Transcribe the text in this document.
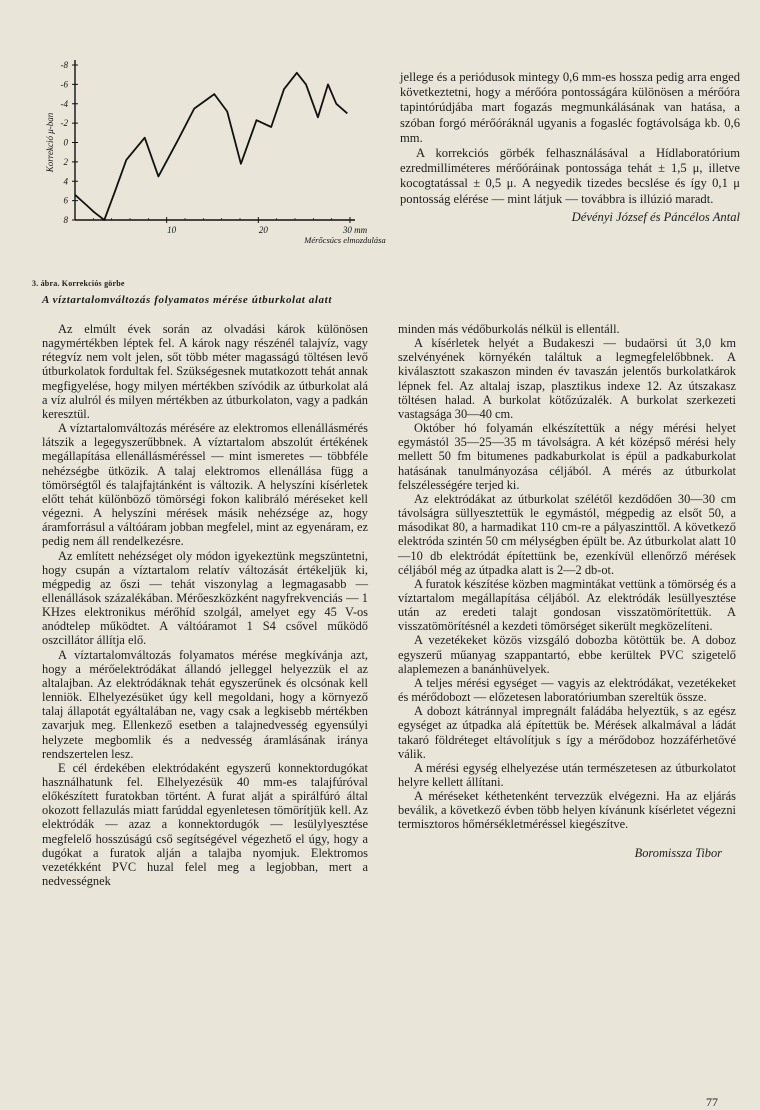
-8
-6
-4
-2
0
2
4
6
8
10	20	30 mm
Korrekció μ-ban
Mérőcsúcs elmozdulása
3. ábra. Korrekciós görbe

jellege és a periódusok mintegy 0,6 mm-es hossza pedig arra enged következtetni, hogy a mérőóra pontosságára különösen a mérőóra tapintórúdjába mart fogazás megmunkálásának van hatása, a szóban forgó mérőóráknál ugyanis a fogasléc fogtávolsága kb. 0,6 mm.

A korrekciós görbék felhasználásával a Hídlaboratórium ezredmilliméteres mérőóráinak pontossága tehát ± 1,5 μ, illetve kocogtatással ± 0,5 μ. A negyedik tizedes becslése és így 0,1 μ pontosság elérése — mint látjuk — továbbra is illúzió maradt.

Dévényi József és Páncélos Antal

A víztartalomváltozás folyamatos mérése útburkolat alatt

Az elmúlt évek során az olvadási károk különösen nagymértékben léptek fel. A károk nagy részénél talajvíz, vagy rétegvíz nem volt jelen, sőt több méter magasságú töltésen levő útburkolatok fordultak fel. Szükségesnek mutatkozott tehát annak megfigyelése, hogy milyen mértékben szívódik az útburkolat alá a víz alulról és milyen mértékben az útburkolaton, vagy a padkán keresztül.

A víztartalomváltozás mérésére az elektromos ellenállásmérés látszik a legegyszerűbbnek. A víztartalom abszolút értékének megállapítása ellenállásméréssel — mint ismeretes — többféle nehézségbe ütközik. A talaj elektromos ellenállása függ a tömörségtől és talajfajtánként is változik. A helyszíni kísérletek előtt tehát különböző tömörségi fokon kalibráló méréseket kell végezni. A helyszíni mérések másik nehézsége az, hogy áramforrásul a váltóáram jobban megfelel, mint az egyenáram, ez pedig nem áll rendelkezésre.

Az említett nehézséget oly módon igyekeztünk megszüntetni, hogy csupán a víztartalom relatív változását értékeljük ki, mégpedig az őszi — tehát viszonylag a legmagasabb — ellenállások százalékában. Mérőeszközként nagyfrekvenciás — 1 KHzes elektronikus mérőhíd szolgál, amelyet egy 45 V-os anódtelep működtet. A váltóáramot 1 S4 csővel működő oszcillátor állítja elő.

A víztartalomváltozás folyamatos mérése megkívánja azt, hogy a mérőelektródákat állandó jelleggel helyezzük el az altalajban. Az elektródáknak tehát egyszerűnek és olcsónak kell lenniök. Elhelyezésüket úgy kell megoldani, hogy a környező talaj állapotát egyáltalában ne, vagy csak a legkisebb mértékben zavarjuk meg. Ellenkező esetben a talajnedvesség egyensúlyi helyzete megbomlik és a nedvesség áramlásának iránya rendszertelen lesz.

E cél érdekében elektródaként egyszerű konnektordugókat használhatunk fel. Elhelyezésük 40 mm-es talajfúróval előkészített furatokban történt. A furat alját a spirálfúró által okozott fellazulás miatt farúddal egyenletesen tömörítjük kell. Az elektródák — azaz a konnektordugók — lesülylyesztése megfelelő hosszúságú cső segítségével végezhető el úgy, hogy a dugókat a furatok alján a talajba nyomjuk. Elektromos vezetékként PVC huzal felel meg a legjobban, mert a nedvességnek

minden más védőburkolás nélkül is ellentáll.

A kísérletek helyét a Budakeszi — budaörsi út 3,0 km szelvényének környékén találtuk a legmegfelelőbbnek. A kiválasztott szakaszon minden év tavaszán jelentős burkolatkárok lépnek fel. Az altalaj iszap, plasztikus indexe 12. Az útszakasz töltésen halad. A burkolat kötőzúzalék. A burkolat szerkezeti vastagsága 30—40 cm.

Október hó folyamán elkészítettük a négy mérési helyet egymástól 35—25—35 m távolságra. A két középső mérési hely mellett 50 fm bitumenes padkaburkolat is épül a padkaburkolat hatásának tanulmányozása céljából. A mérés az útburkolat felszélességére terjed ki.

Az elektródákat az útburkolat szélétől kezdődően 30—30 cm távolságra süllyesztettük le egymástól, mégpedig az elsőt 50, a másodikat 80, a harmadikat 110 cm-re a pályaszinttől. A következő elektróda szintén 50 cm mélységben épült be. Az útburkolat alatt 10—10 db elektródát építettünk be, ezenkívül ellenőrző mérések céljából még az útpadka alatt is 2—2 db-ot.

A furatok készítése közben magmintákat vettünk a tömörség és a víztartalom megállapítása céljából. Az elektródák lesüllyesztése után az eredeti talajt gondosan visszatömörítettük. A visszatömörítésnél a kezdeti tömörséget sikerült megközelíteni.

A vezetékeket közös vizsgáló dobozba kötöttük be. A doboz egyszerű műanyag szappantartó, ebbe kerültek PVC szigetelő alaplemezen a banánhüvelyek.

A teljes mérési egységet — vagyis az elektródákat, vezetékeket és mérődobozt — előzetesen laboratóriumban szereltük össze.

A dobozt kátránnyal impregnált faládába helyeztük, s az egész egységet az útpadka alá építettük be. Mérések alkalmával a ládát takaró földréteget eltávolítjuk s így a mérődoboz hozzáférhetővé válik.

A mérési egység elhelyezése után természetesen az útburkolatot helyre kellett állítani.

A méréseket kéthetenként tervezzük elvégezni. Ha az eljárás beválik, a következő évben több helyen kívánunk kísérletet végezni termisztoros hőmérsékletméréssel kiegészítve.

Boromissza Tibor

77
